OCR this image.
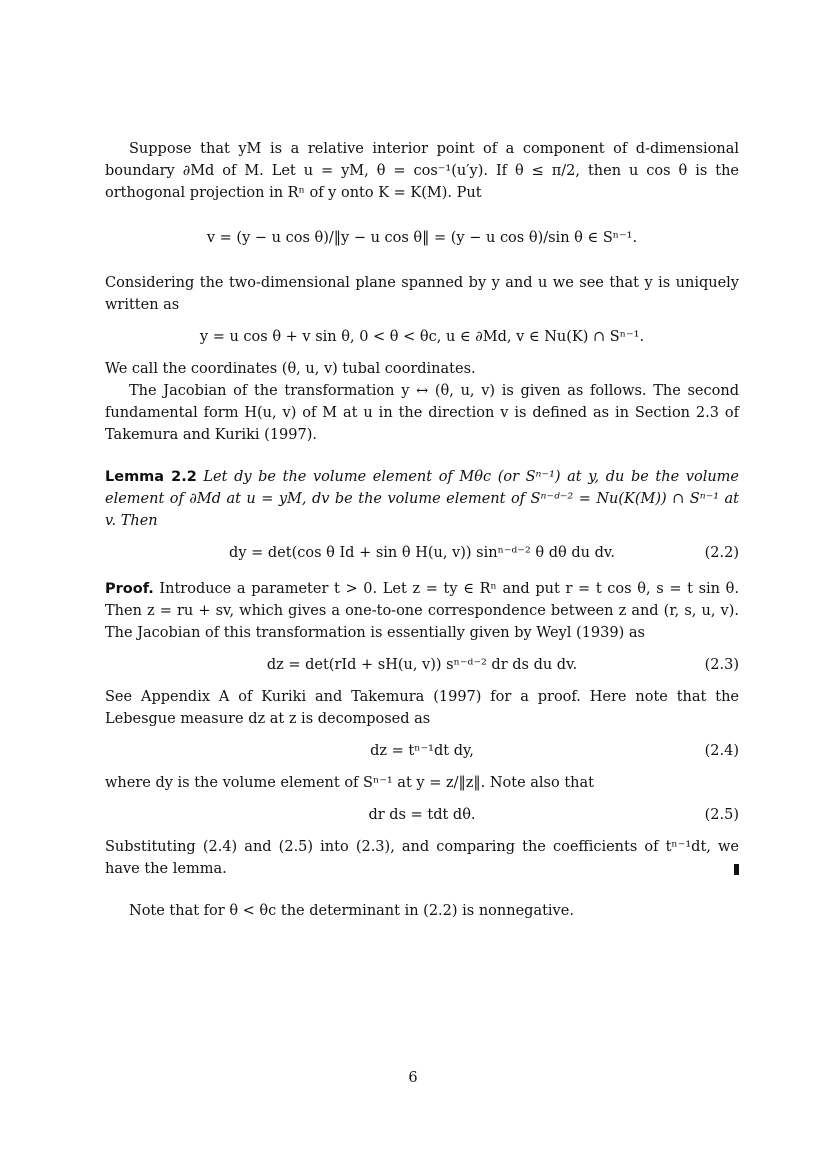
Suppose that yM is a relative interior point of a component of d-dimensional boundary ∂Md of M. Let u = yM, θ = cos⁻¹(u′y). If θ ≤ π/2, then u cos θ is the orthogonal projection in Rⁿ of y onto K = K(M). Put

v = (y − u cos θ)/‖y − u cos θ‖ = (y − u cos θ)/sin θ ∈ Sⁿ⁻¹.

Considering the two-dimensional plane spanned by y and u we see that y is uniquely written as

y = u cos θ + v sin θ, 0 < θ < θc, u ∈ ∂Md, v ∈ Nu(K) ∩ Sⁿ⁻¹.

We call the coordinates (θ, u, v) tubal coordinates.

The Jacobian of the transformation y ↔ (θ, u, v) is given as follows. The second fundamental form H(u, v) of M at u in the direction v is defined as in Section 2.3 of Takemura and Kuriki (1997).

Lemma 2.2 Let dy be the volume element of Mθc (or Sⁿ⁻¹) at y, du be the volume element of ∂Md at u = yM, dv be the volume element of Sⁿ⁻ᵈ⁻² = Nu(K(M)) ∩ Sⁿ⁻¹ at v. Then

dy = det(cos θ Id + sin θ H(u, v)) sinⁿ⁻ᵈ⁻² θ dθ du dv.	(2.2)

Proof. Introduce a parameter t > 0. Let z = ty ∈ Rⁿ and put r = t cos θ, s = t sin θ. Then z = ru + sv, which gives a one-to-one correspondence between z and (r, s, u, v). The Jacobian of this transformation is essentially given by Weyl (1939) as

dz = det(rId + sH(u, v)) sⁿ⁻ᵈ⁻² dr ds du dv.	(2.3)

See Appendix A of Kuriki and Takemura (1997) for a proof. Here note that the Lebesgue measure dz at z is decomposed as

dz = tⁿ⁻¹dt dy,	(2.4)

where dy is the volume element of Sⁿ⁻¹ at y = z/‖z‖. Note also that

dr ds = tdt dθ.	(2.5)

Substituting (2.4) and (2.5) into (2.3), and comparing the coefficients of tⁿ⁻¹dt, we have the lemma.

Note that for θ < θc the determinant in (2.2) is nonnegative.

6
